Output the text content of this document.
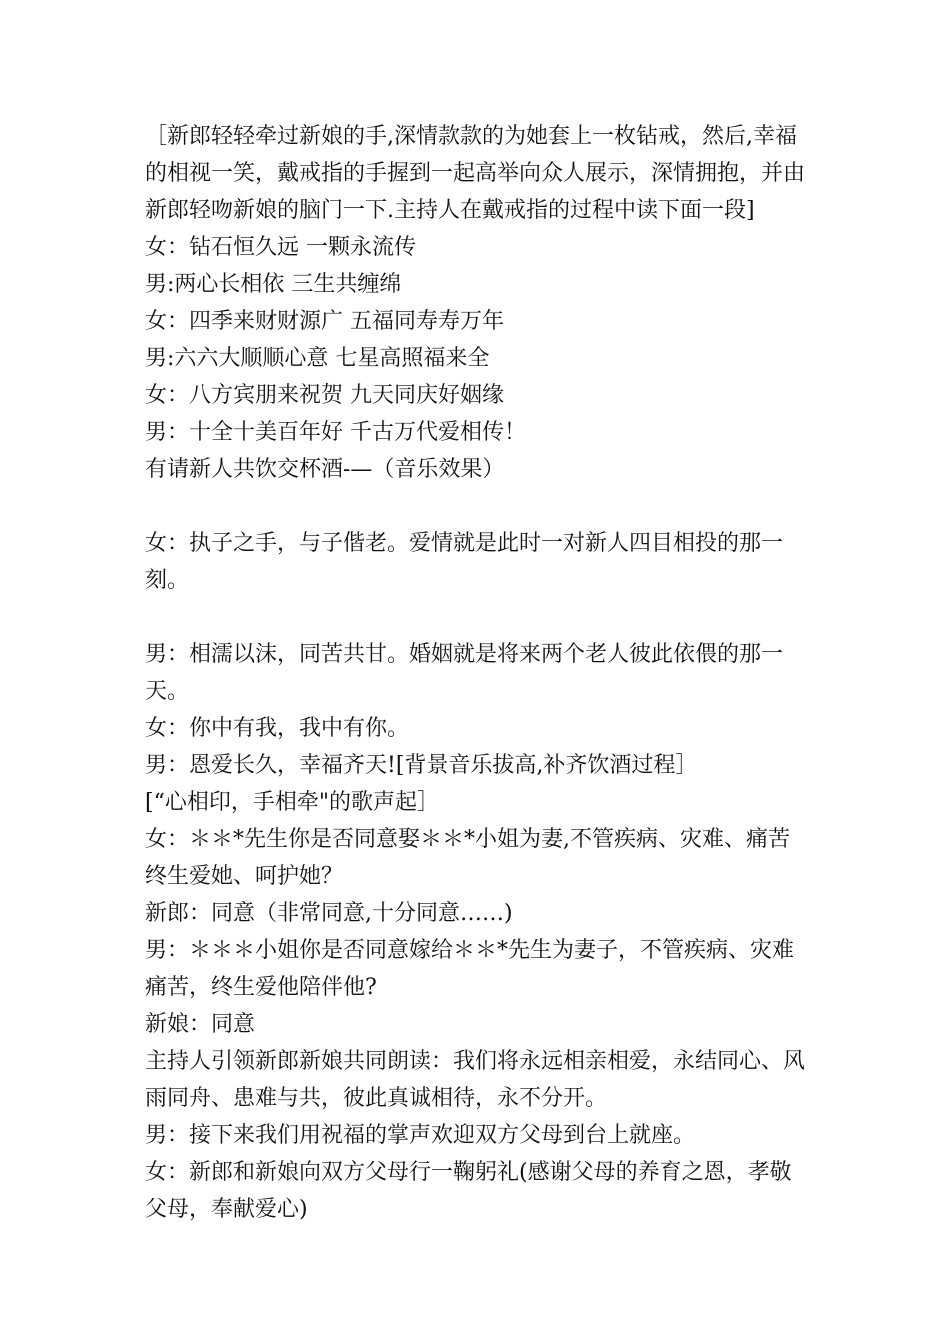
［新郎轻轻牵过新娘的手,深情款款的为她套上一枚钻戒，然后,幸福的相视一笑，戴戒指的手握到一起高举向众人展示，深情拥抱，并由新郎轻吻新娘的脑门一下.主持人在戴戒指的过程中读下面一段]

女：钻石恒久远 一颗永流传

男:两心长相依 三生共缠绵

女：四季来财财源广 五福同寿寿万年

男:六六大顺顺心意 七星高照福来全

女：八方宾朋来祝贺 九天同庆好姻缘

男：十全十美百年好 千古万代爱相传！

有请新人共饮交杯酒-—（音乐效果）

女：执子之手，与子偕老。爱情就是此时一对新人四目相投的那一刻。

男：相濡以沫，同苦共甘。婚姻就是将来两个老人彼此依偎的那一天。

女：你中有我，我中有你。

男：恩爱长久，幸福齐天![背景音乐拔高,补齐饮酒过程］

[“心相印，手相牵"的歌声起］

女：＊＊*先生你是否同意娶＊＊*小姐为妻,不管疾病、灾难、痛苦终生爱她、呵护她？

新郎：同意（非常同意,十分同意……)

男：＊＊＊小姐你是否同意嫁给＊＊*先生为妻子，不管疾病、灾难痛苦，终生爱他陪伴他?

新娘：同意

主持人引领新郎新娘共同朗读：我们将永远相亲相爱，永结同心、风雨同舟、患难与共，彼此真诚相待，永不分开。

男：接下来我们用祝福的掌声欢迎双方父母到台上就座。

女：新郎和新娘向双方父母行一鞠躬礼(感谢父母的养育之恩，孝敬父母，奉献爱心)
